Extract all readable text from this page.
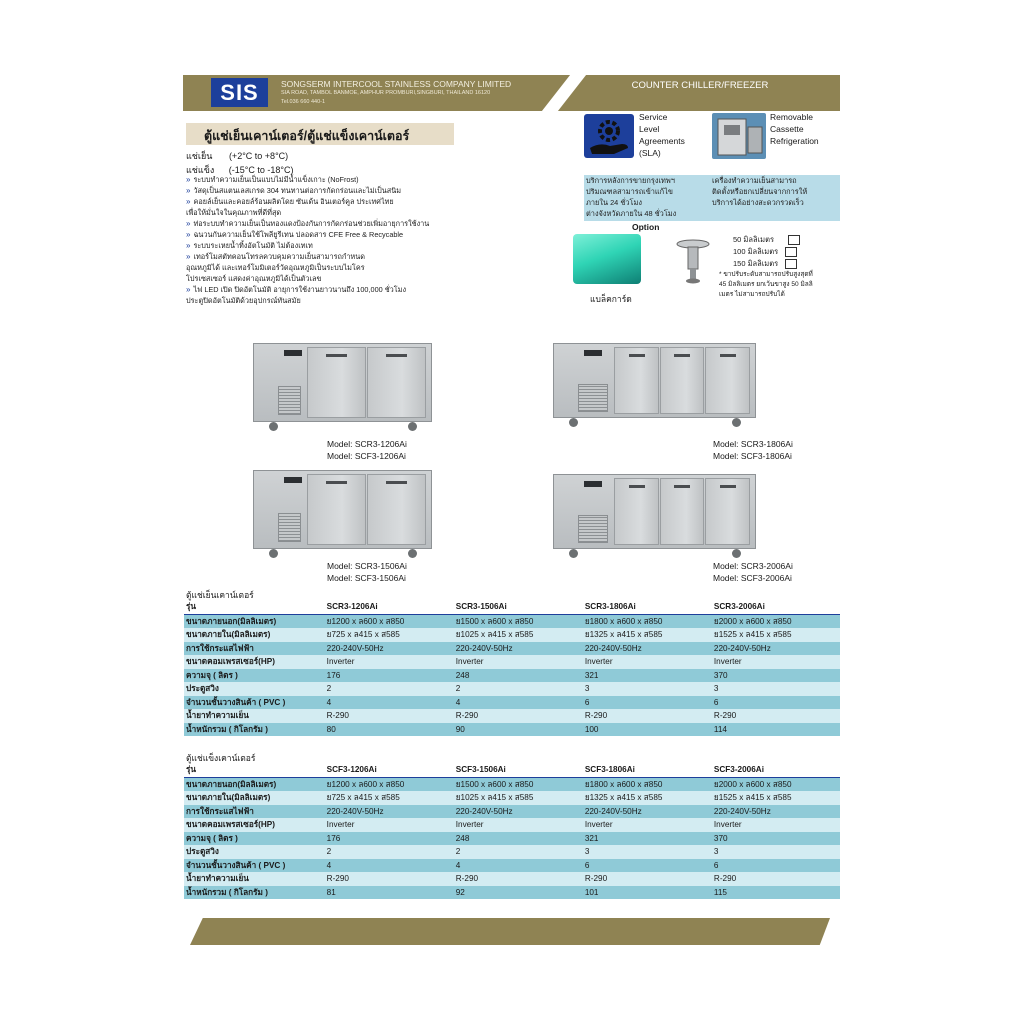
SIS	SONGSERM INTERCOOL STAINLESS COMPANY LIMITED
SIA ROAD, TAMBOL BANMOE, AMPHUR PROMBURI,SINGBURI, THAILAND 16120
Tel.036 660 440-1
COUNTER CHILLER/FREEZER
ตู้แช่เย็นเคาน์เตอร์/ตู้แช่แข็งเคาน์เตอร์
แช่เย็น (+2°C to +8°C)
แช่แข็ง (-15°C to -18°C)
» ระบบทำความเย็นเป็นแบบไม่มีน้ำแข็งเกาะ (NoFrost)
» วัสดุเป็นสแตนเลสเกรด 304 ทนทานต่อการกัดกร่อนและไม่เป็นสนิม
» คอยล์เย็นและคอยล์ร้อนผลิตโดย ซันเด้น อินเตอร์คูล ประเทศไทย
เพื่อให้มั่นใจในคุณภาพที่ดีที่สุด
» ท่อระบบทำความเย็นเป็นทองแดงป้องกันการกัดกร่อนช่วยเพิ่มอายุการใช้งาน
» ฉนวนกันความเย็นใช้โพลียูรีเทน ปลอดสาร CFE Free & Recycable
» ระบบระเหยน้ำทิ้งอัตโนมัติ ไม่ต้องเทเท
» เทอร์โมสตัทคอนโทรลควบคุมความเย็นสามารถกำหนด
อุณหภูมิได้ และเทอร์โมมิเตอร์วัดอุณหภูมิเป็นระบบไมโคร
โปรเซสเซอร์ แสดงค่าอุณหภูมิได้เป็นตัวเลข
» ไฟ LED เปิด ปิดอัตโนมัติ อายุการใช้งานยาวนานถึง 100,000 ชั่วโมง
ประตูปิดอัตโนมัติด้วยอุปกรณ์ทันสมัย
Service
Level
Agreements
(SLA)
Removable
Cassette
Refrigeration
บริการหลังการขายกรุงเทพฯ
ปริมณฑลสามารถเข้าแก้ไข
ภายใน 24 ชั่วโมง
ต่างจังหวัดภายใน 48 ชั่วโมง
เครื่องทำความเย็นสามารถ
ติดตั้งหรือยกเปลี่ยนจากการให้
บริการได้อย่างสะดวกรวดเร็ว
Option
แบล็คการ์ด
50 มิลลิเมตร
100 มิลลิเมตร
150 มิลลิเมตร
* ขาปรับระดับสามารถปรับสูงสุดที่
45 มิลลิเมตร ยกเว้นขาสูง 50 มิลลิ
เมตร ไม่สามารถปรับได้
Model: SCR3-1206Ai
Model: SCF3-1206Ai
Model: SCR3-1806Ai
Model: SCF3-1806Ai
Model: SCR3-1506Ai
Model: SCF3-1506Ai
Model: SCR3-2006Ai
Model: SCF3-2006Ai
ตู้แช่เย็นเคาน์เตอร์
รุ่น	SCR3-1206Ai	SCR3-1506Ai	SCR3-1806Ai	SCR3-2006Ai
ขนาดภายนอก(มิลลิเมตร)	ย1200 x ล600 x ส850	ย1500 x ล600 x ส850	ย1800 x ล600 x ส850	ย2000 x ล600 x ส850
ขนาดภายใน(มิลลิเมตร)	ย725 x ล415 x ส585	ย1025 x ล415 x ส585	ย1325 x ล415 x ส585	ย1525 x ล415 x ส585
การใช้กระแสไฟฟ้า	220-240V-50Hz	220-240V-50Hz	220-240V-50Hz	220-240V-50Hz
ขนาดคอมเพรสเซอร์(HP)	Inverter	Inverter	Inverter	Inverter
ความจุ ( ลิตร )	176	248	321	370
ประตูสวิง	2	2	3	3
จำนวนชั้นวางสินค้า ( PVC )	4	4	6	6
น้ำยาทำความเย็น	R-290	R-290	R-290	R-290
น้ำหนักรวม ( กิโลกรัม )	80	90	100	114
ตู้แช่แข็งเคาน์เตอร์
รุ่น	SCF3-1206Ai	SCF3-1506Ai	SCF3-1806Ai	SCF3-2006Ai
ขนาดภายนอก(มิลลิเมตร)	ย1200 x ล600 x ส850	ย1500 x ล600 x ส850	ย1800 x ล600 x ส850	ย2000 x ล600 x ส850
ขนาดภายใน(มิลลิเมตร)	ย725 x ล415 x ส585	ย1025 x ล415 x ส585	ย1325 x ล415 x ส585	ย1525 x ล415 x ส585
การใช้กระแสไฟฟ้า	220-240V-50Hz	220-240V-50Hz	220-240V-50Hz	220-240V-50Hz
ขนาดคอมเพรสเซอร์(HP)	Inverter	Inverter	Inverter	Inverter
ความจุ ( ลิตร )	176	248	321	370
ประตูสวิง	2	2	3	3
จำนวนชั้นวางสินค้า ( PVC )	4	4	6	6
น้ำยาทำความเย็น	R-290	R-290	R-290	R-290
น้ำหนักรวม ( กิโลกรัม )	81	92	101	115
